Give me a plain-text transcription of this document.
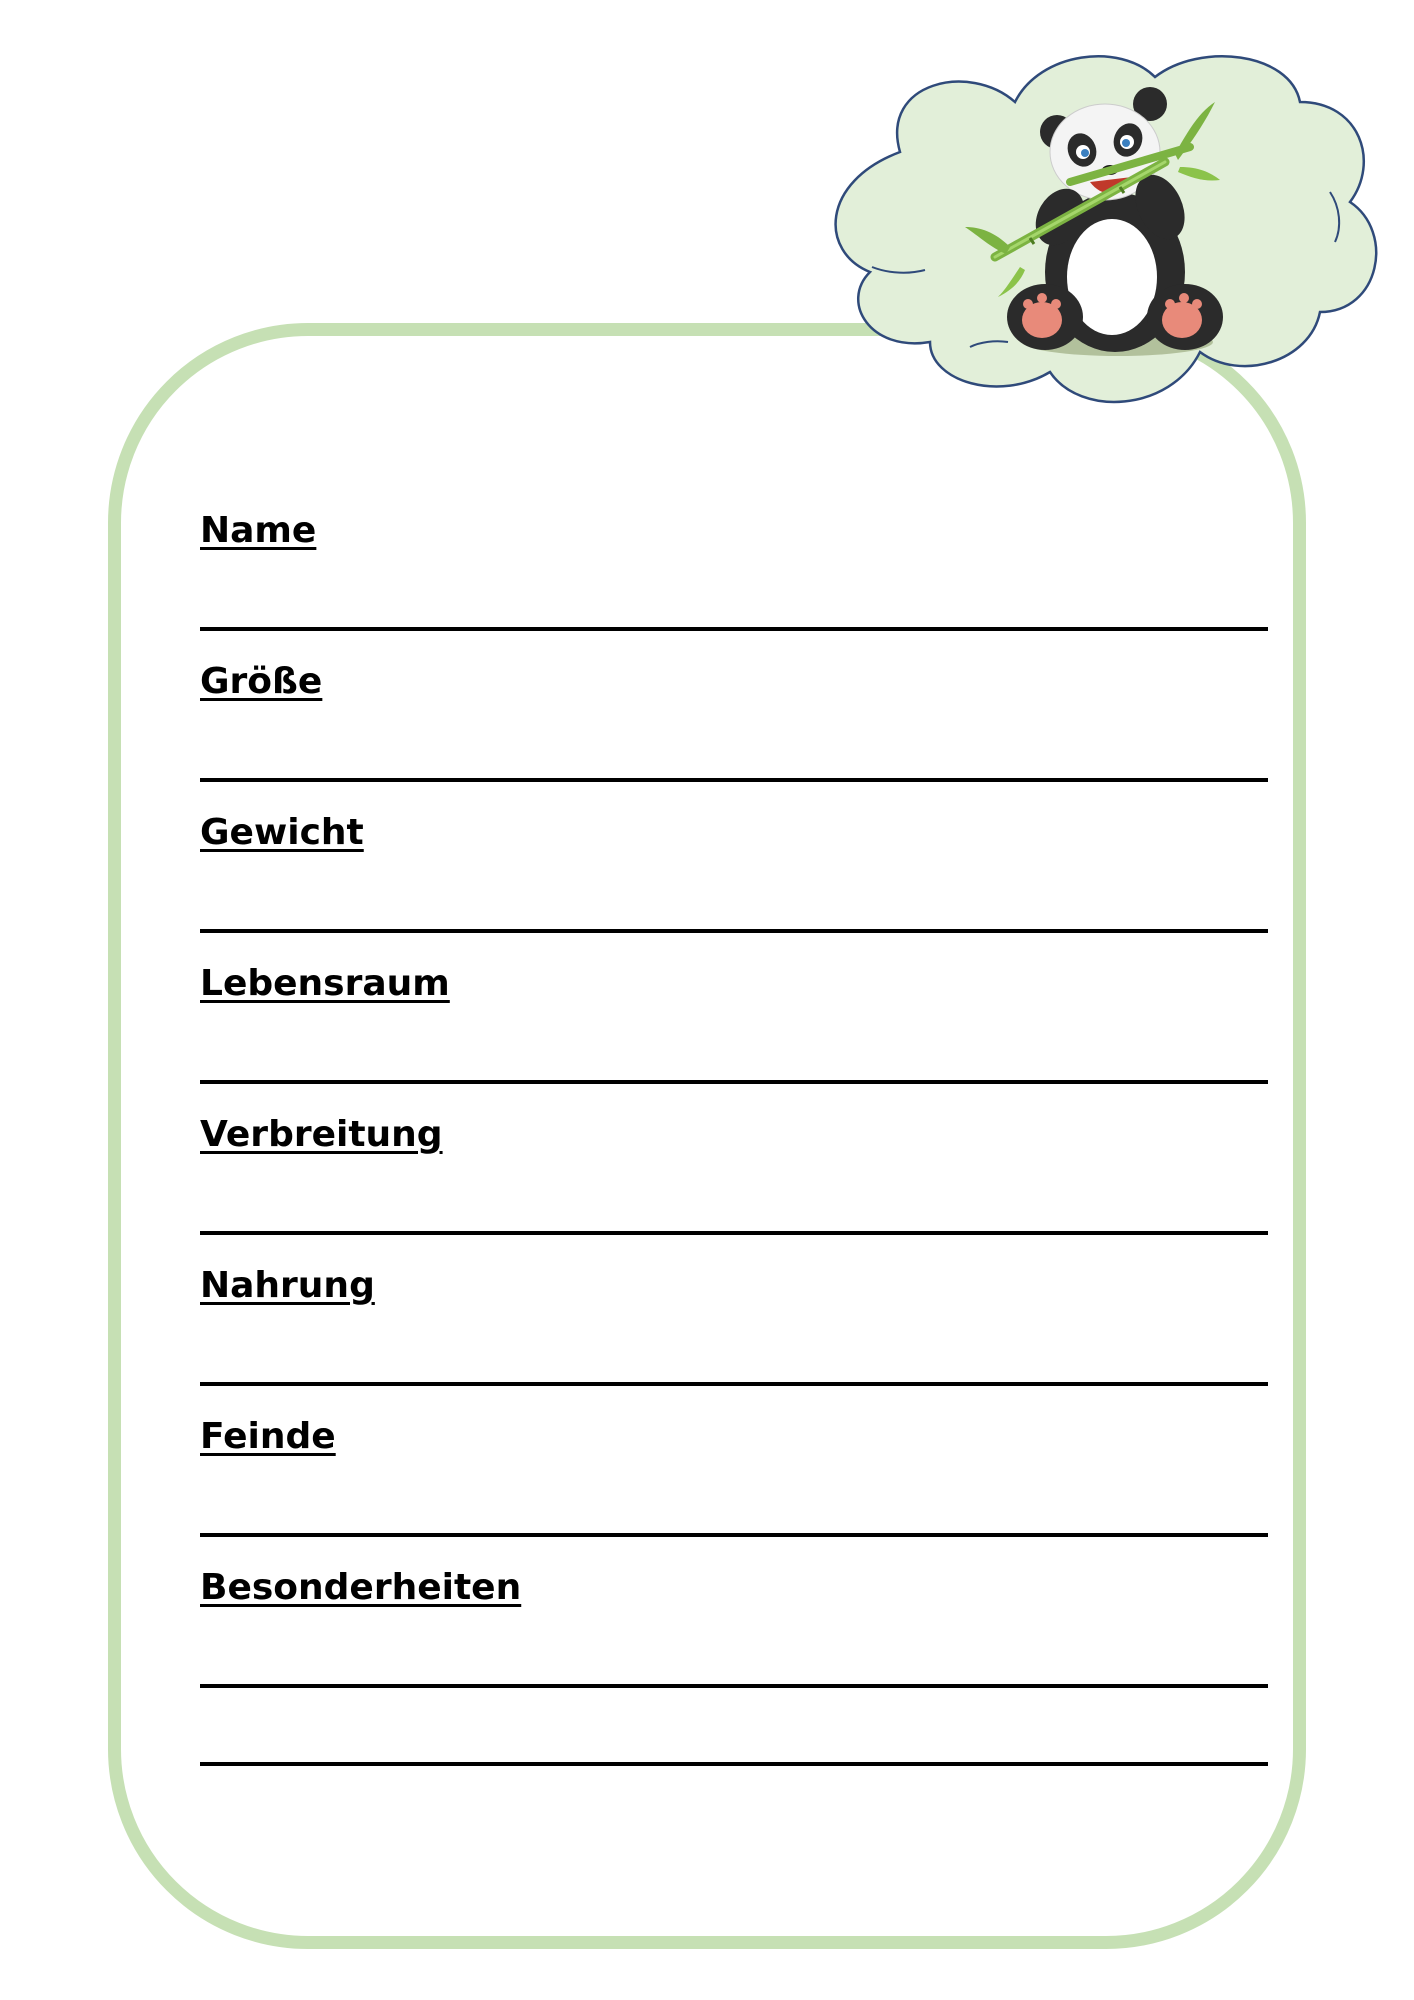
Name
Größe
Gewicht
Lebensraum
Verbreitung
Nahrung
Feinde
Besonderheiten
